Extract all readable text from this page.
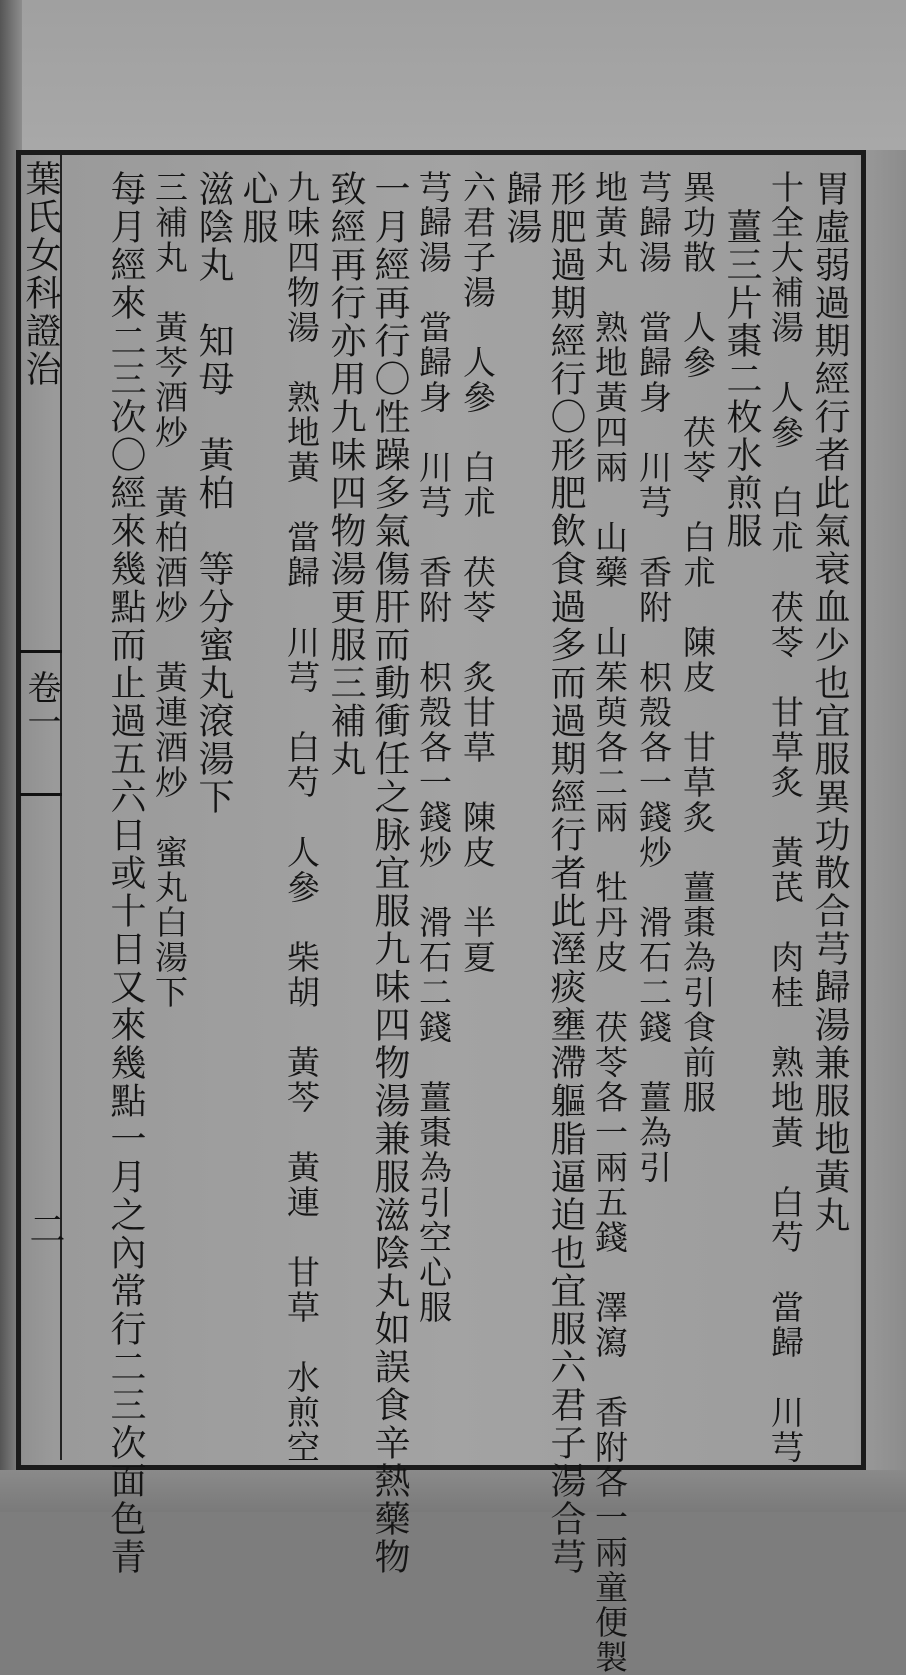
葉氏女科證治
卷一
二	胃虛弱過期經行者此氣衰血少也宜服異功散合芎歸湯兼服地黃丸
十全大補湯　人參　白朮　茯苓　甘草炙　黃芪　肉桂　熟地黃　白芍　當歸　川芎
　薑三片棗二枚水煎服
異功散　人參　茯苓　白朮　陳皮　甘草炙　薑棗為引食前服
芎歸湯　當歸身　川芎　香附　枳殼各一錢炒　滑石二錢　薑為引
地黃丸　熟地黃四兩　山藥　山茱萸各二兩　牡丹皮　茯苓各一兩五錢　澤瀉　香附各一兩童便製
形肥過期經行〇形肥飲食過多而過期經行者此溼痰壅滯軀脂逼迫也宜服六君子湯合芎
歸湯
六君子湯　人參　白朮　茯苓　炙甘草　陳皮　半夏
芎歸湯　當歸身　川芎　香附　枳殼各一錢炒　滑石二錢　薑棗為引空心服
一月經再行〇性躁多氣傷肝而動衝任之脉宜服九味四物湯兼服滋陰丸如誤食辛熱藥物
致經再行亦用九味四物湯更服三補丸
九味四物湯　熟地黃　當歸　川芎　白芍　人參　柴胡　黃芩　黃連　甘草　水煎空
心服
滋陰丸　知母　黃柏　等分蜜丸滾湯下
三補丸　黃芩酒炒　黃柏酒炒　黃連酒炒　蜜丸白湯下
每月經來二三次〇經來幾點而止過五六日或十日又來幾點一月之內常行二三次面色青
